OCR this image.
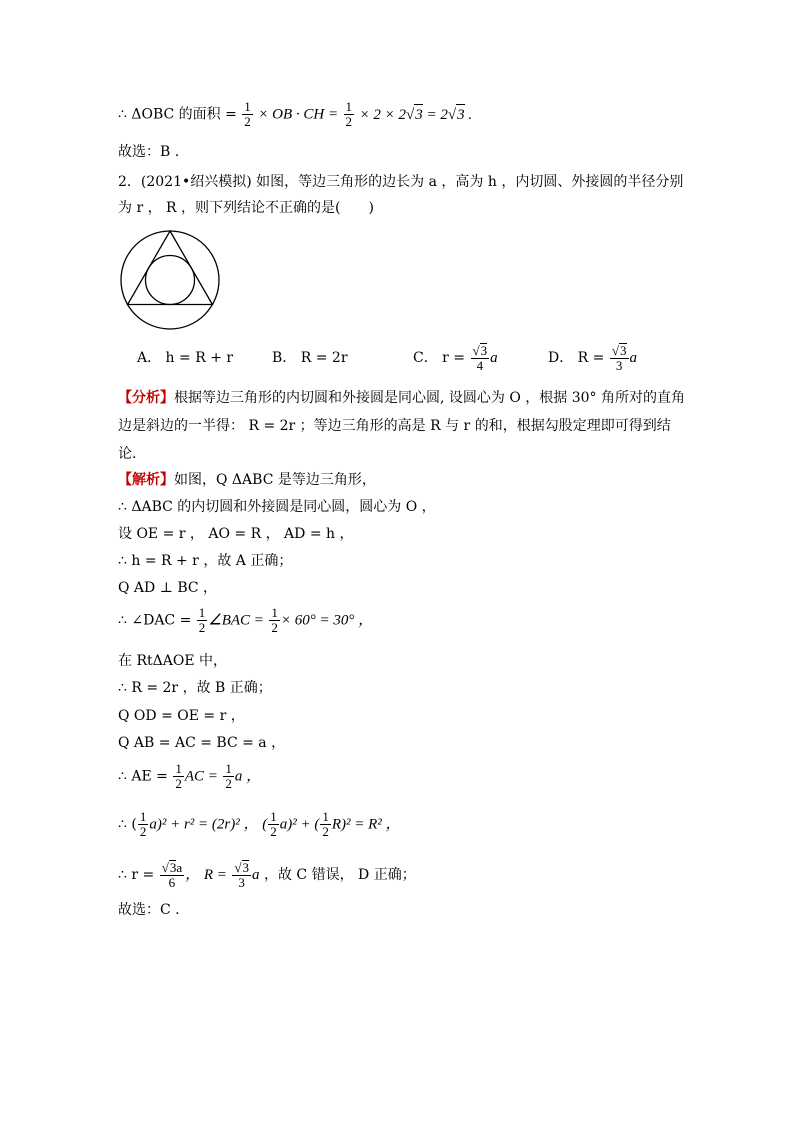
∴ ΔOBC 的面积 = $\frac{1}{2}$ × OB · CH = $\frac{1}{2} \times 2 \times 2√3 = 2√3$ .
故选：B .
2．(2021•绍兴模拟) 如图，等边三角形的边长为 a ，高为 h ，内切圆、外接圆的半径分别
为 r ， R ，则下列结论不正确的是(　　)
A． h = R + r	B． R = 2r	C． $r = \frac{√3}{4}$ a	D． $R = \frac{√3}{3}$ a
【分析】根据等边三角形的内切圆和外接圆是同心圆, 设圆心为 O ，根据 30° 角所对的直角
边是斜边的一半得： R = 2r ；等边三角形的高是 R 与 r 的和，根据勾股定理即可得到结
论.
【解析】如图，Q ΔABC 是等边三角形，
∴ ΔABC 的内切圆和外接圆是同心圆，圆心为 O ，
设 OE = r ， AO = R ， AD = h ，
∴ h = R + r ，故 A 正确；
Q AD ⊥ BC ，
∴ ∠DAC = $\frac{1}{2}$ ∠BAC = $\frac{1}{2} \times 60^\circ = 30^\circ$ ，
在 RtΔAOE 中，
∴ R = 2r ，故 B 正确；
Q OD = OE = r ，
Q AB = AC = BC = a ，
∴ AE = $\frac{1}{2}$ AC = $\frac{1}{2}$ a ，
∴ ( $\frac{1}{2} a)^2 + r^2 = (2r)^2$ ， ( $\frac{1}{2} a)^2$ + ( $\frac{1}{2} R)^2 = R^2$ ，
∴ $r = \frac{√3a}{6}$ ， $R = \frac{√3}{3}$ a ，故 C 错误， D 正确；
故选：C .
